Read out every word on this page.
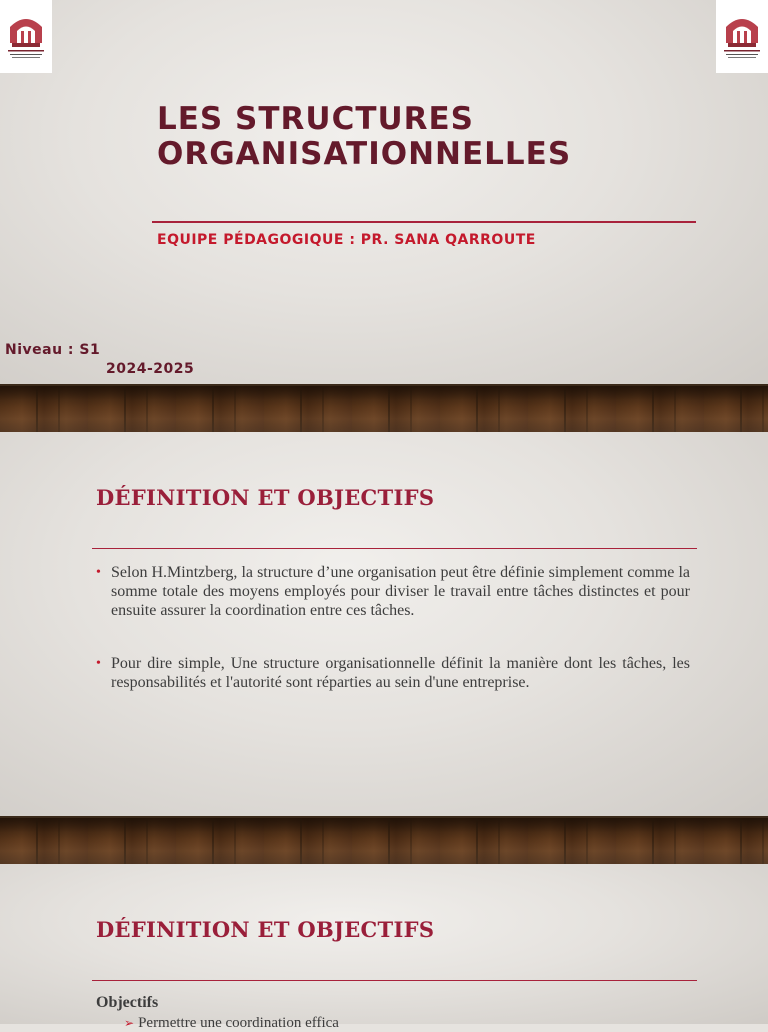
LES STRUCTURES ORGANISATIONNELLES
EQUIPE PÉDAGOGIQUE : PR. SANA QARROUTE
Niveau : S1
2024-2025
DÉFINITION ET OBJECTIFS
• Selon H.Mintzberg, la structure d’une organisation peut être définie simplement comme la somme totale des moyens employés pour diviser le travail entre tâches distinctes et pour ensuite assurer la coordination entre ces tâches.
• Pour dire simple, Une structure organisationnelle définit la manière dont les tâches, les responsabilités et l'autorité sont réparties au sein d'une entreprise.
DÉFINITION ET OBJECTIFS
Objectifs
➢ Permettre une coordination effica
